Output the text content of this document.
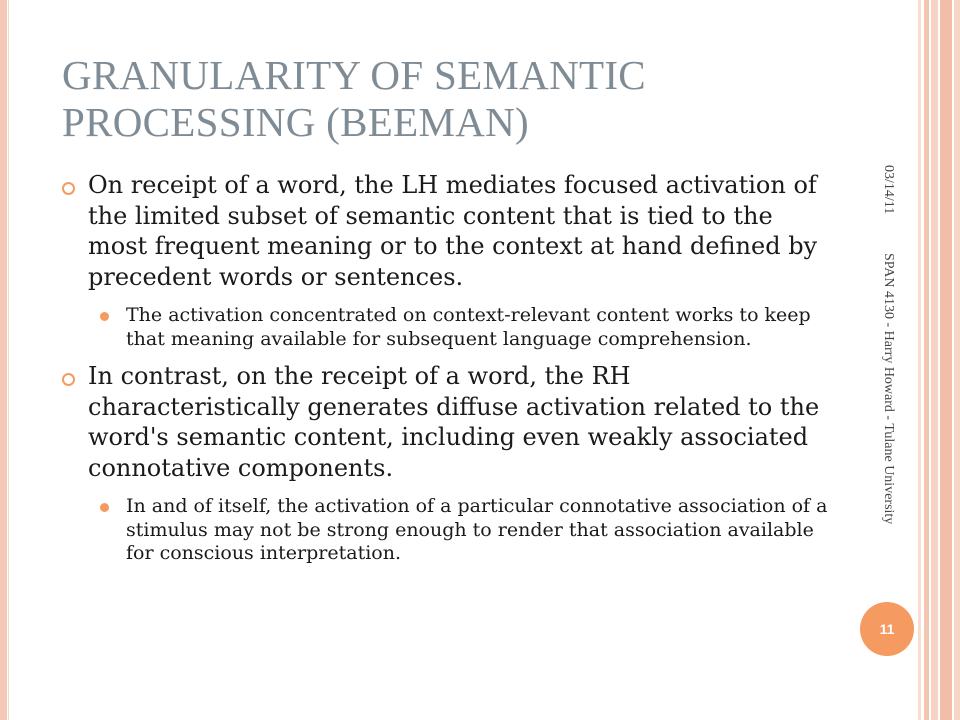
GRANULARITY OF SEMANTIC PROCESSING (BEEMAN)
On receipt of a word, the LH mediates focused activation of the limited subset of semantic content that is tied to the most frequent meaning or to the context at hand defined by precedent words or sentences.
The activation concentrated on context-relevant content works to keep that meaning available for subsequent language comprehension.
In contrast, on the receipt of a word, the RH characteristically generates diffuse activation related to the word's semantic content, including even weakly associated connotative components.
In and of itself, the activation of a particular connotative association of a stimulus may not be strong enough to render that association available for conscious interpretation.
03/14/11SPAN 4130 - Harry Howard - Tulane University
11
